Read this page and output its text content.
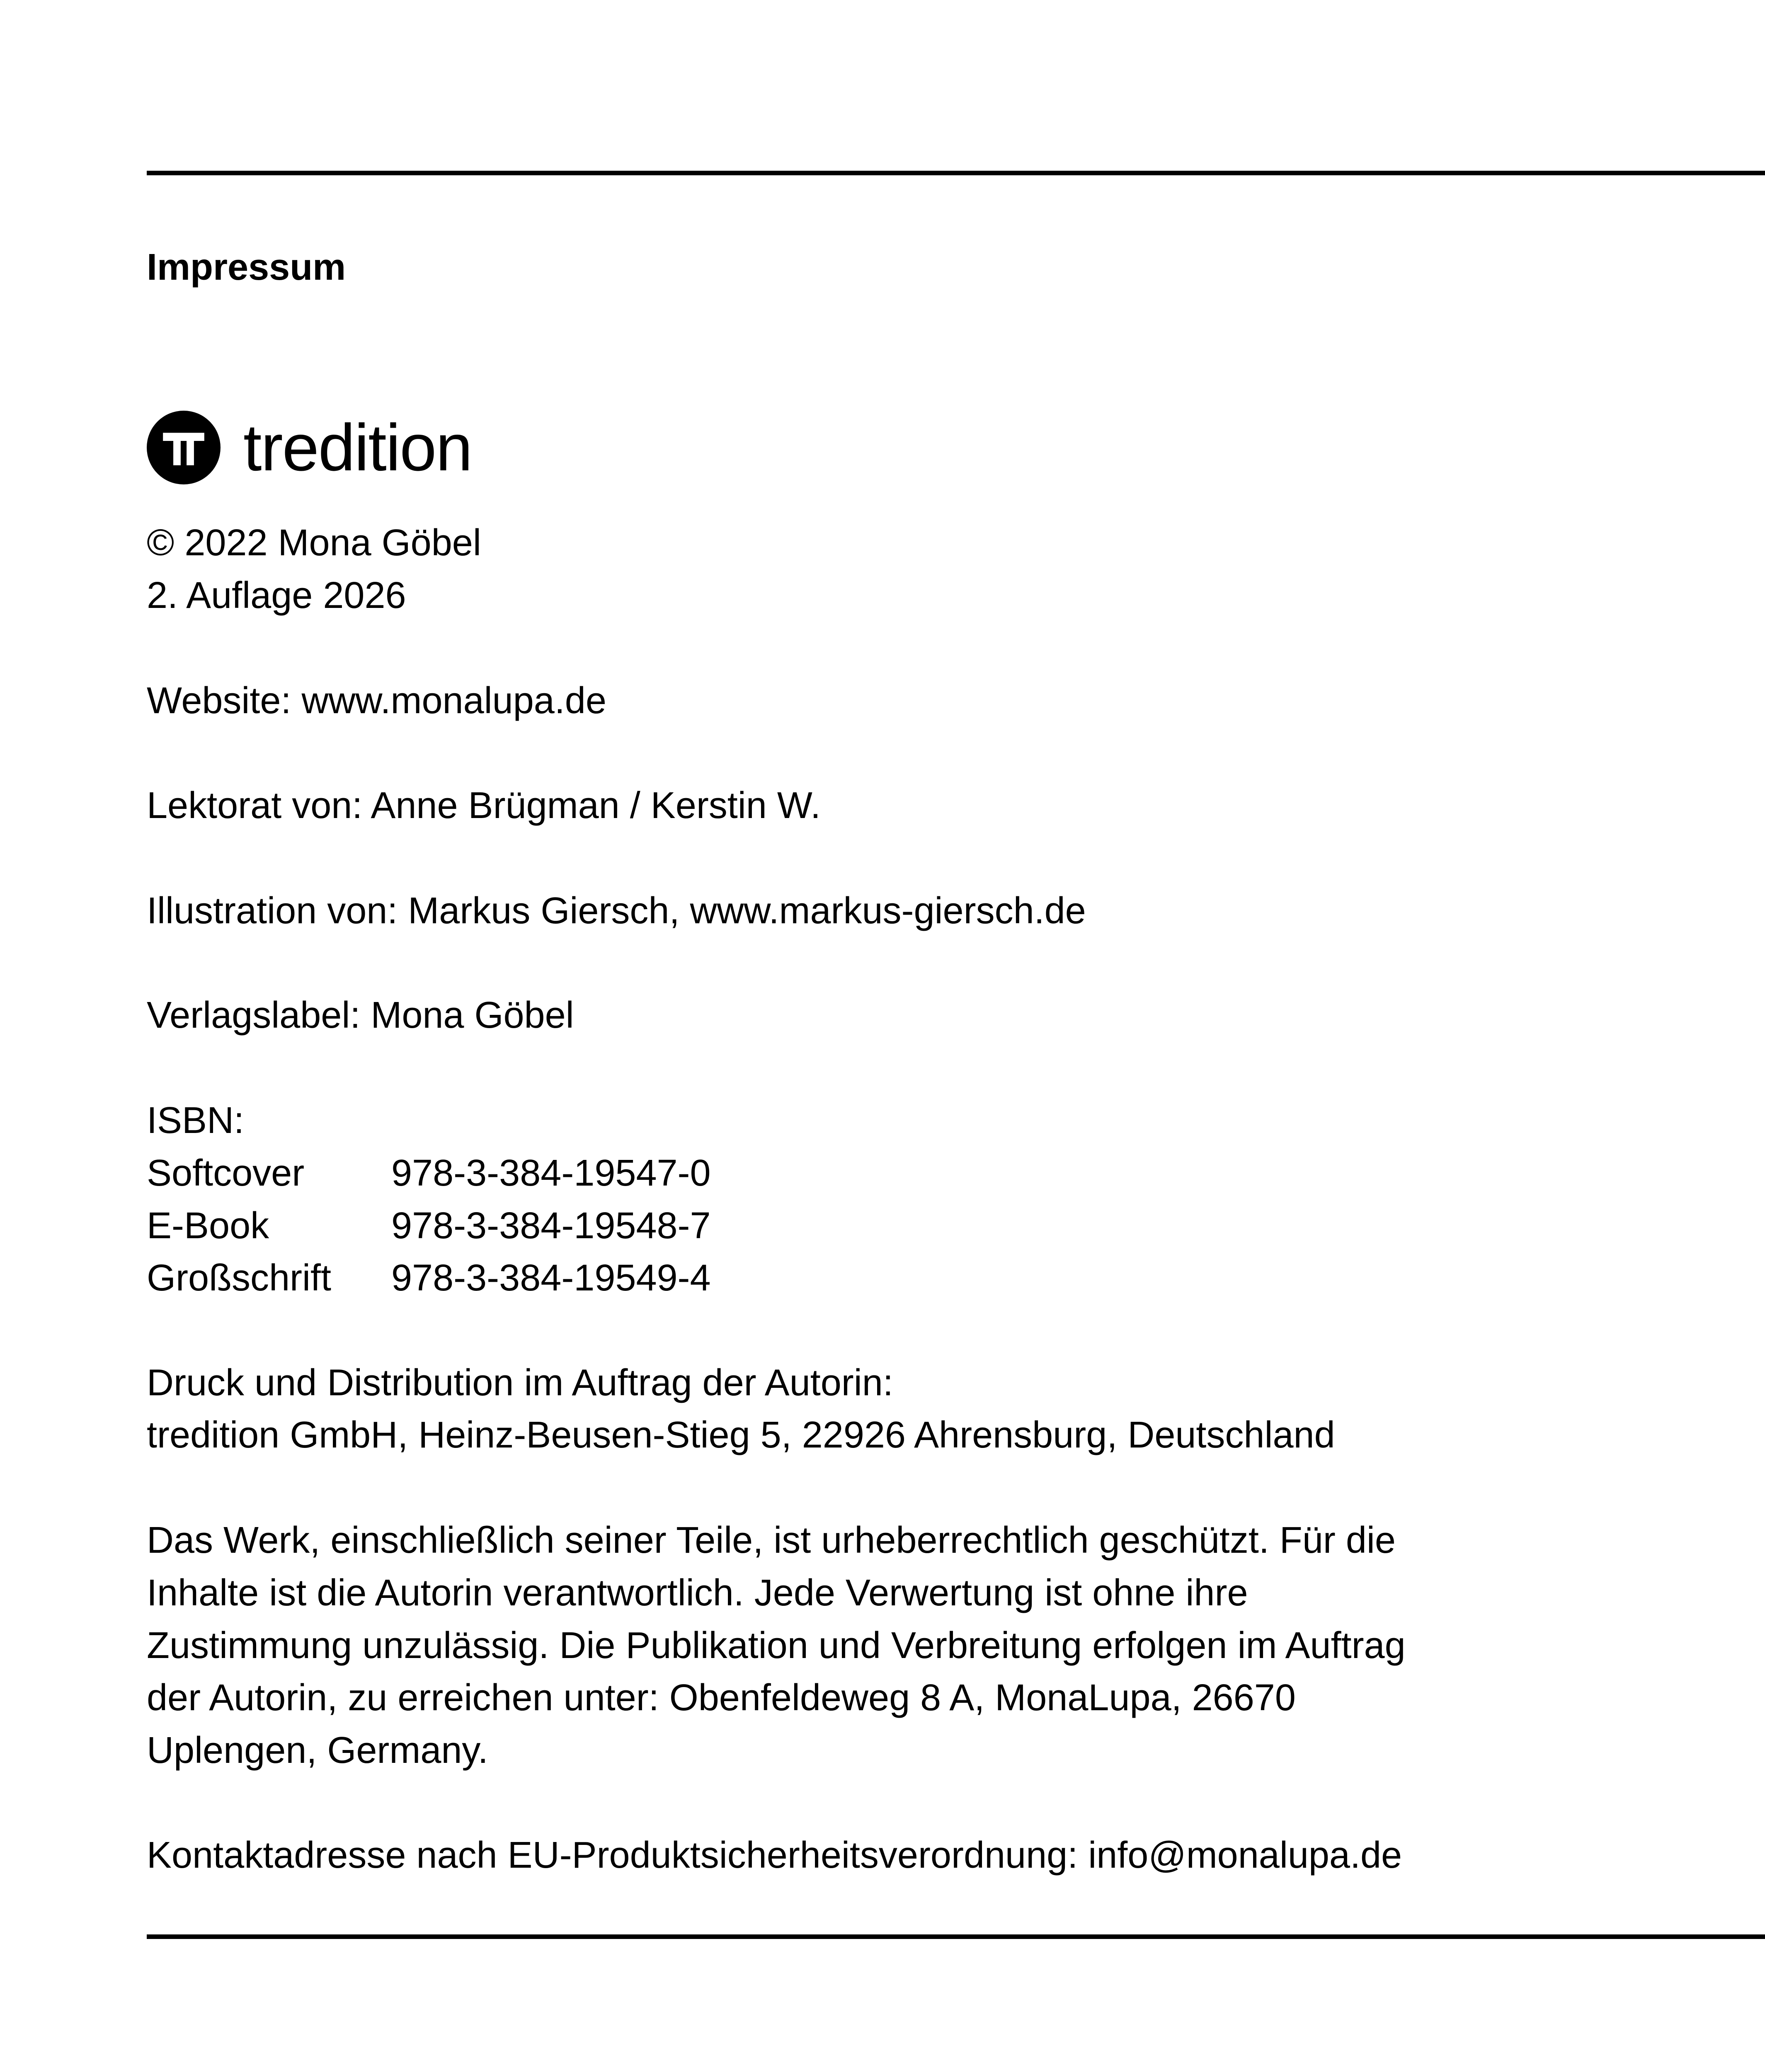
Impressum
tredition
© 2022 Mona Göbel
2. Auflage 2026
Website: www.monalupa.de
Lektorat von: Anne Brügman / Kerstin W.
Illustration von: Markus Giersch, www.markus-giersch.de
Verlagslabel: Mona Göbel
ISBN:
Softcover 978-3-384-19547-0
E-Book	978-3-384-19548-7
Großschrift 978-3-384-19549-4
Druck und Distribution im Auftrag der Autorin:
tredition GmbH, Heinz-Beusen-Stieg 5, 22926 Ahrensburg, Deutschland
Das Werk, einschließlich seiner Teile, ist urheberrechtlich geschützt. Für die
Inhalte ist die Autorin verantwortlich. Jede Verwertung ist ohne ihre
Zustimmung unzulässig. Die Publikation und Verbreitung erfolgen im Auftrag
der Autorin, zu erreichen unter: Obenfeldeweg 8 A, MonaLupa, 26670
Uplengen, Germany.
Kontaktadresse nach EU-Produktsicherheitsverordnung: info@monalupa.de
